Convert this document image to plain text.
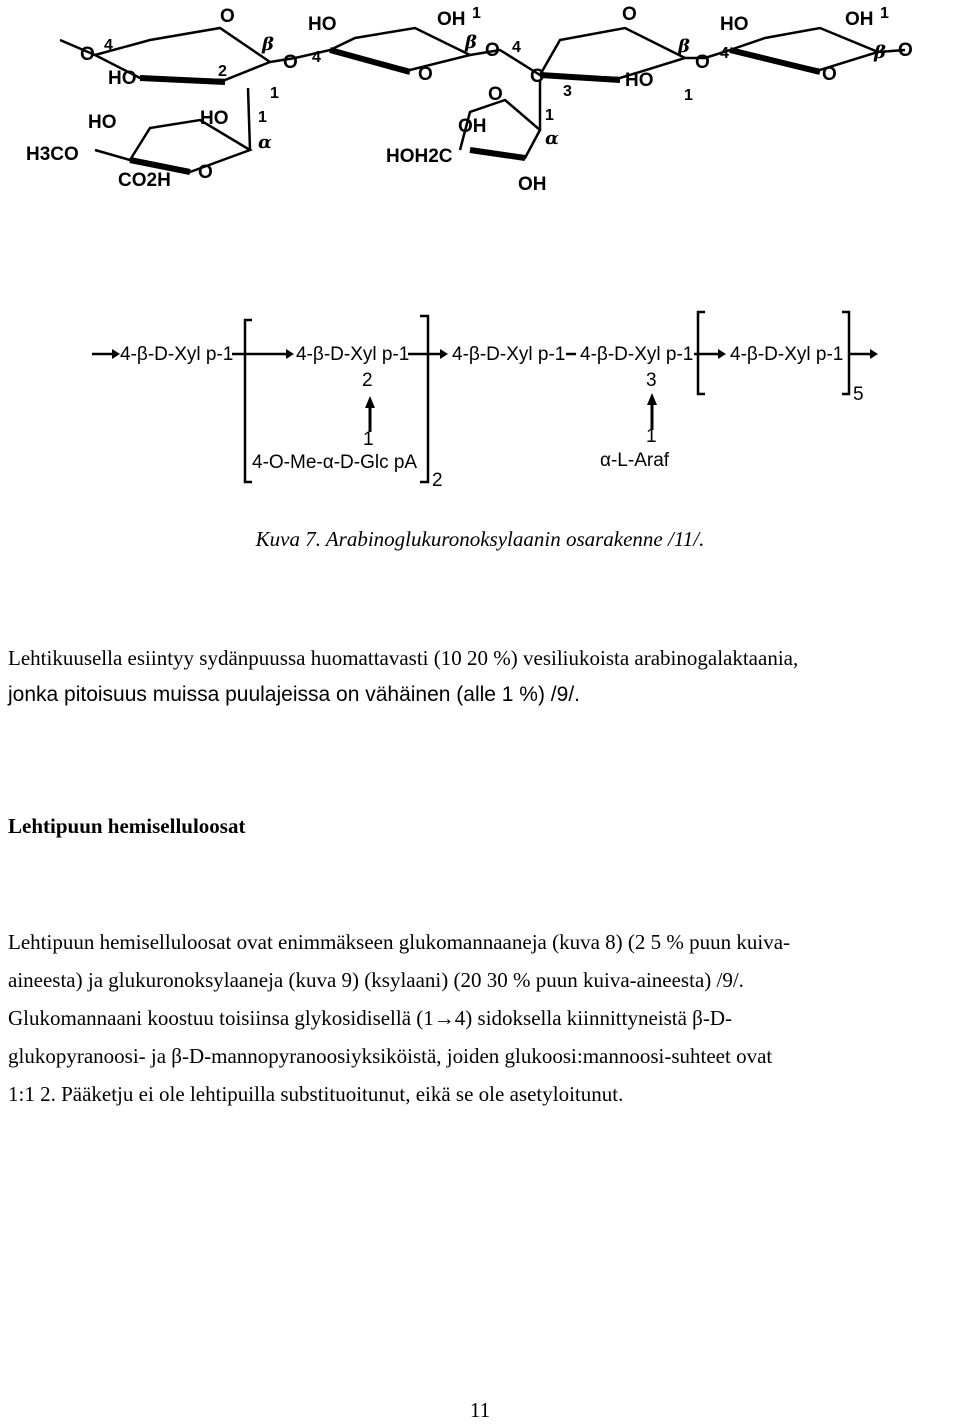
O
O 4
HO	2
β
1
O
HO
4
OH 1
O
β O 4
O
O
3
HO
β
O 4
1
HO	OH 1
O
β O
HO	HO 1
α
H3CO
CO2H O
O
OH
1
α
HOH2C
OH
4-β-D-Xyl p-1	4-β-D-Xyl p-1 4-β-D-Xyl p-1 4-β-D-Xyl p-1 4-β-D-Xyl p-1
2
1
4-O-Me-α-D-Glc pA
2
3
1
α-L-Araf
5
Kuva 7. Arabinoglukuronoksylaanin osarakenne /11/.

Lehtikuusella esiintyy sydänpuussa huomattavasti (10 20 %) vesiliukoista arabinogalaktaania,

jonka pitoisuus muissa puulajeissa on vähäinen (alle 1 %) /9/.

Lehtipuun hemiselluloosat

Lehtipuun hemiselluloosat ovat enimmäkseen glukomannaaneja (kuva 8) (2 5 % puun kuiva-

aineesta) ja glukuronoksylaaneja (kuva 9) (ksylaani) (20 30 % puun kuiva-aineesta) /9/.

Glukomannaani koostuu toisiinsa glykosidisellä (1→4) sidoksella kiinnittyneistä β-D-

glukopyranoosi- ja β-D-mannopyranoosiyksiköistä, joiden glukoosi:mannoosi-suhteet ovat

1:1 2. Pääketju ei ole lehtipuilla substituoitunut, eikä se ole asetyloitunut.

11
